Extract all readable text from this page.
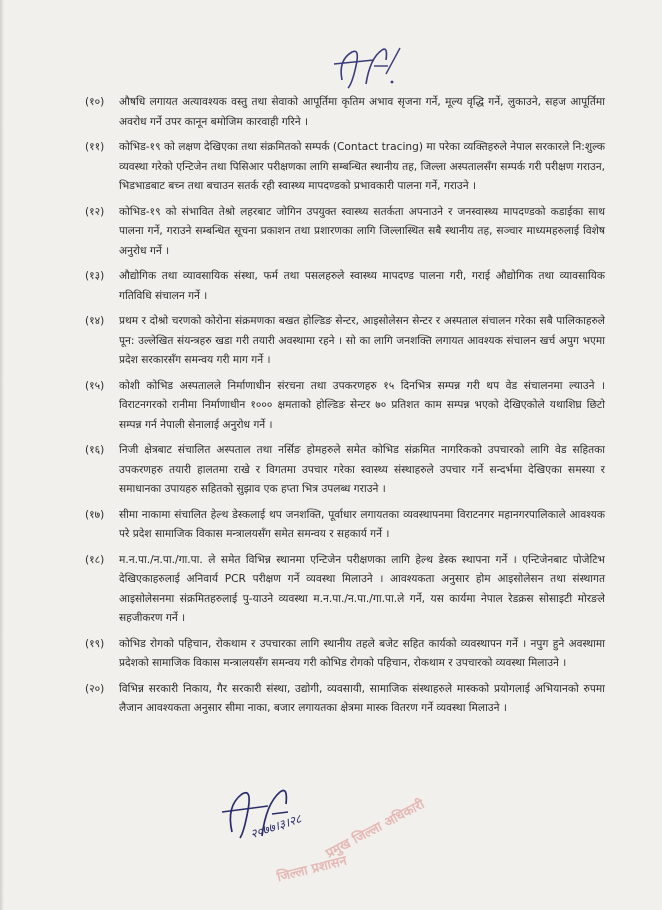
(१०)	औषधि लगायत अत्यावश्यक वस्तु तथा सेवाको आपूर्तिमा कृतिम अभाव सृजना गर्ने, मूल्य वृद्धि गर्ने, लुकाउने, सहज आपूर्तिमा अवरोध गर्ने उपर कानून बमोजिम कारवाही गरिने ।
(११)	कोभिड-१९ को लक्षण देखिएका तथा संक्रमितको सम्पर्क (Contact tracing) मा परेका व्यक्तिहरुले नेपाल सरकारले नि:शुल्क व्यवस्था गरेको एन्टिजेन तथा पिसिआर परीक्षणका लागि सम्बन्धित स्थानीय तह, जिल्ला अस्पतालसँग सम्पर्क गरी परीक्षण गराउन, भिडभाडबाट बच्न तथा बचाउन सतर्क रही स्वास्थ्य मापदण्डको प्रभावकारी पालना गर्ने, गराउने ।
(१२)	कोभिड-१९ को संभावित तेश्रो लहरबाट जोगिन उपयुक्त स्वास्थ्य सतर्कता अपनाउने र जनस्वास्थ्य मापदण्डको कडाईका साथ पालना गर्ने, गराउने सम्बन्धित सूचना प्रकाशन तथा प्रशारणका लागि जिल्लास्थित सबै स्थानीय तह, सञ्चार माध्यमहरुलाई विशेष अनुरोध गर्ने ।
(१३)	औद्योगिक तथा व्यावसायिक संस्था, फर्म तथा पसलहरुले स्वास्थ्य मापदण्ड पालना गरी, गराई औद्योगिक तथा व्यावसायिक गतिविधि संचालन गर्ने ।
(१४)	प्रथम र दोश्रो चरणको कोरोना संक्रमणका बखत होल्डिङ सेन्टर, आइसोलेसन सेन्टर र अस्पताल संचालन गरेका सबै पालिकाहरुले पून: उल्लेखित संयन्त्रहरु खडा गरी तयारी अवस्थामा रहने । सो का लागि जनशक्ति लगायत आवश्यक संचालन खर्च अपुग भएमा प्रदेश सरकारसँग समन्वय गरी माग गर्ने ।
(१५)	कोशी कोभिड अस्पतालले निर्माणाधीन संरचना तथा उपकरणहरु १५ दिनभित्र सम्पन्न गरी थप वेड संचालनमा ल्याउने । विराटनगरको रानीमा निर्माणाधीन १००० क्षमताको होल्डिङ सेन्टर ७० प्रतिशत काम सम्पन्न भएको देखिएकोले यथाशिघ्र छिटो सम्पन्न गर्न नेपाली सेनालाई अनुरोध गर्ने ।
(१६)	निजी क्षेत्रबाट संचालित अस्पताल तथा नर्सिङ होमहरुले समेत कोभिड संक्रमित नागरिकको उपचारको लागि वेड सहितका उपकरणहरु तयारी हालतमा राखे र विगतमा उपचार गरेका स्वास्थ्य संस्थाहरुले उपचार गर्ने सन्दर्भमा देखिएका समस्या र समाधानका उपायहरु सहितको सुझाव एक हप्ता भित्र उपलब्ध गराउने ।
(१७)	सीमा नाकामा संचालित हेल्थ डेस्कलाई थप जनशक्ति, पूर्वाधार लगायतका व्यवस्थापनमा विराटनगर महानगरपालिकाले आवश्यक परे प्रदेश सामाजिक विकास मन्त्रालयसँग समेत समन्वय र सहकार्य गर्ने ।
(१८)	म.न.पा./न.पा./गा.पा. ले समेत विभिन्न स्थानमा एन्टिजेन परीक्षणका लागि हेल्थ डेस्क स्थापना गर्ने । एन्टिजेनबाट पोजेटिभ देखिएकाहरुलाई अनिवार्य PCR परीक्षण गर्ने व्यवस्था मिलाउने । आवश्यकता अनुसार होम आइसोलेसन तथा संस्थागत आइसोलेसनमा संक्रमितहरुलाई पु-याउने व्यवस्था म.न.पा./न.पा./गा.पा.ले गर्ने, यस कार्यमा नेपाल रेडक्रस सोसाइटी मोरङले सहजीकरण गर्ने ।
(१९)	कोभिड रोगको पहिचान, रोकथाम र उपचारका लागि स्थानीय तहले बजेट सहित कार्यको व्यवस्थापन गर्ने । नपुग हुने अवस्थामा प्रदेशको सामाजिक विकास मन्त्रालयसँग समन्वय गरी कोभिड रोगको पहिचान, रोकथाम र उपचारको व्यवस्था मिलाउने ।
(२०)	विभिन्न सरकारी निकाय, गैर सरकारी संस्था, उद्योगी, व्यवसायी, सामाजिक संस्थाहरुले मास्कको प्रयोगलाई अभियानको रुपमा लैजान आवश्यकता अनुसार सीमा नाका, बजार लगायतका क्षेत्रमा मास्क वितरण गर्ने व्यवस्था मिलाउने ।
२०७७।३।२८ प्रमुख जिल्ला अधिकारी
जिल्ला प्रशासन
